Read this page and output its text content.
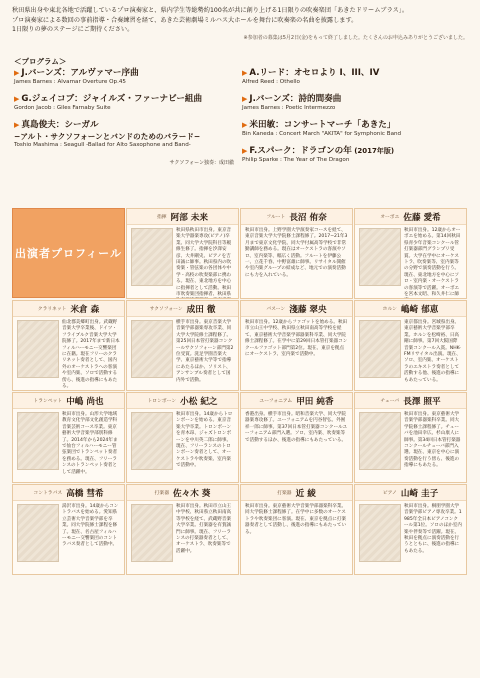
秋田県出身や東北各地で活躍しているプロ演奏家と、県内学生等総勢約100名が共に創り上げる1日限りの吹奏楽団「あきたドリームブラス」。
プロ演奏家による数回の事前指導・合奏練習を経て、あきた芸術劇場ミルハス大ホールを舞台に吹奏楽の名曲を披露します。
1日限りの夢のステージにご期待ください。
※参加者の募集は5月2日(金)をもって終了しました。たくさんのお申込みありがとうございました。
＜プログラム＞
▶ J.バーンズ：アルヴァマー序曲
James Barnes : Alvamar Overture Op.45
▶ G.ジェイコブ：ジャイルズ・ファーナビー組曲
Gordon Jacob : Giles Farnaby Suite
▶ 真島俊夫：シーガル
−アルト・サクソフォーンとバンドのためのバラード−
Toshio Mashima : Seagull -Ballad for Alto Saxophone and Band-
サクソフォーン独奏：成田徹
▶ A.リード：オセロより I、III、IV
Alfred Reed : Othello
▶ J.バーンズ：詩的間奏曲
James Barnes : Poetic Intermezzo
▶ 米田敏：コンサートマーチ「あきた」
Bin Kaneda : Concert March "AKITA" for Symphonic Band
▶ F.スパーク：ドラゴンの年 (2017年版)
Philip Sparke : The Year of The Dragon
出演者プロフィール
指揮 阿部 未来
秋田県秋田市出身。東京音楽大学器楽専攻(ピアノ)卒業、同大学大学院科目等履修生修了。指揮を汐澤安彦、大井剛史、ピアノを吉田誠に師事。秋田県内の吹奏楽・管弦楽の各団体や中学・高校の吹奏楽部に携わる。現在、東北地方を中心に指揮者として活動。秋田市吹奏楽団指揮者、秋田県
フルート 長沼 侑奈
秋田市出身。上野学園大学演奏家コースを経て、東京音楽大学大学院修士課程修了。2017−21年3月まで東京文化学院、同大学付属高等学校で非常勤講師を務める。現在はオーケストラの客演やソロ、室内楽等、幅広く活動。フルートを伊藤公一、立花千春、中野富雄に師事。リサイタル開催や室内楽グループの結成など、地元での演奏活動にも力を入れている。
オーボエ 佐藤 愛希
秋田市出身。12歳からオーボエを始める。第14回秋田県青少年音楽コンクール管打楽器部門グランプリ受賞。大学在学中にオーケストラ、吹奏楽等、室内楽等の分野で演奏活動を行う。現在、東北地方を中心にソロ・室内楽・オーケストラの客演等で活躍。オーボエを宮本文昭、和久井仁に師
クラリネット 米倉 森
仙北郡美郷町出身。武蔵野音楽大学卒業後、ドイツ・フライブルク音楽大学大学院修了。2017年まで新日本フィルハーモニー交響楽団に在籍。現在フリーのクラリネット奏者として、国内外のオーケストラへの客演や室内楽、ソロで活動する傍ら、後進の指導にもあたる。
サクソフォーン 成田 徹
横手市出身。東京音楽大学音楽学部器楽専攻卒業、同大学大学院修士課程修了。第25回日本管打楽器コンクールサクソフォーン部門第2位受賞。洗足学園音楽大学、東京藝術大学等で指導にあたるほか、ソリスト、アンサンブル奏者として国内外で活動。
バスーン 淺藤 翠央
秋田市出身。12歳からファゴットを始める。秋田市立山王中学校、秋田県立秋田南高等学校を経て、東京藝術大学音楽学部器楽科卒業、同大学院修士課程修了。在学中に第29回日本管打楽器コンクールファゴット部門第2位。現在、東京を拠点にオーケストラ、室内楽で活動中。
ホルン 嶋崎 郁恵
東京都出身。宮城県出身。東京藝術大学音楽学部卒業。ホルンを松崎裕、日高剛に師事。第7回大阪国際音楽コンクール入賞。NHK-FMリサイタル出演。現在、ソロ、室内楽、オーケストラのエキストラ奏者として活動する他、後進の指導にもあたっている。
トランペット 中嶋 尚也
秋田市出身。山形大学地域教育文化学部文化創造学科音楽芸術コース卒業。東京藝術大学音楽学部別科修了。2014年から2024年まで仙台フィルハーモニー管弦楽団でトランペット奏者を務める。現在、フリーランスのトランペット奏者として活躍中。
トロンボーン 小松 紀之
秋田市出身。14歳からトロンボーンを始める。東京音楽大学卒業。トロンボーンを青木昂、ジャズトロンボーンを中川英二郎に師事。現在、フリーランスのトロンボーン奏者として、オーケストラや吹奏楽、室内楽で活動中。
ユーフォニアム 甲田 純香
香港出身。横手市出身。昭和音楽大学、同大学院器楽専攻修了。ユーフォニアムを円谷智弘、外囿祥一郎に師事。第37回日本管打楽器コンクールユーフォニアム部門入選。ソロ、室内楽、吹奏楽等で活動するほか、後進の指導にもあたっている。
チューバ 長澤 照平
秋田市出身。東京藝術大学音楽学部器楽科卒業。同大学院修士課程修了。チューバを池田幸広、杉山康人に師事。第34回日本管打楽器コンクールチューバ部門入選。現在、東京を中心に演奏活動を行う傍ら、後進の指導にもあたる。
コントラバス 高橋 彗希
湯沢市出身。14歳からコントラバスを始める。愛知県立芸術大学音楽学部を卒業。同大学院修士課程を修了。現在、名古屋フィルハーモニー交響楽団のコントラバス奏者として活動中。
打楽器 佐々木 葵
秋田市出身。秋田市立山王中学校、秋田県立秋田南高等学校を経て、武蔵野音楽大学卒業。打楽器を有賀誠門に師事。現在、フリーランスの打楽器奏者として、オーケストラ、吹奏楽等で活躍中。
打楽器 近 綾
秋田市出身。東京藝術大学音楽学部器楽科卒業。同大学院修士課程修了。在学中に多数のオーケストラや吹奏楽団に客演。現在、東京を拠点に打楽器奏者として活動し、後進の指導にもあたっている。
ピアノ 山崎 圭子
秋田市出身。桐朋学園大学音楽学部ピアノ専攻卒業。1985年全日本ピアノコンクール第1位。ソロのほか室内楽や伴奏等で活躍。現在、秋田を拠点に演奏活動を行うとともに、後進の指導にもあたる。
